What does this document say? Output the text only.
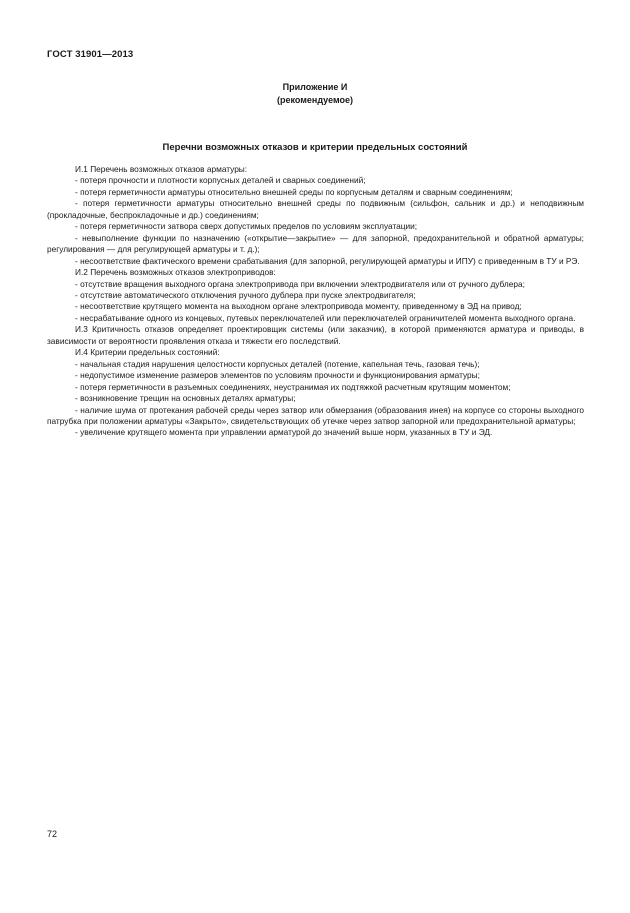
ГОСТ 31901—2013
Приложение И
(рекомендуемое)
Перечни возможных отказов и критерии предельных состояний

И.1 Перечень возможных отказов арматуры:

- потеря прочности и плотности корпусных деталей и сварных соединений;

- потеря герметичности арматуры относительно внешней среды по корпусным деталям и сварным соединениям;

- потеря герметичности арматуры относительно внешней среды по подвижным (сильфон, сальник и др.) и неподвижным (прокладочные, беспрокладочные и др.) соединениям;

- потеря герметичности затвора сверх допустимых пределов по условиям эксплуатации;

- невыполнение функции по назначению («открытие—закрытие» — для запорной, предохранительной и обратной арматуры; регулирования — для регулирующей арматуры и т. д.);

- несоответствие фактического времени срабатывания (для запорной, регулирующей арматуры и ИПУ) с приведенным в ТУ и РЭ.

И.2 Перечень возможных отказов электроприводов:

- отсутствие вращения выходного органа электропривода при включении электродвигателя или от ручного дублера;

- отсутствие автоматического отключения ручного дублера при пуске электродвигателя;

- несоответствие крутящего момента на выходном органе электропривода моменту, приведенному в ЭД на привод;

- несрабатывание одного из концевых, путевых переключателей или переключателей ограничителей момента выходного органа.

И.3 Критичность отказов определяет проектировщик системы (или заказчик), в которой применяются арматура и приводы, в зависимости от вероятности проявления отказа и тяжести его последствий.

И.4 Критерии предельных состояний:

- начальная стадия нарушения целостности корпусных деталей (потение, капельная течь, газовая течь);

- недопустимое изменение размеров элементов по условиям прочности и функционирования арматуры;

- потеря герметичности в разъемных соединениях, неустранимая их подтяжкой расчетным крутящим моментом;

- возникновение трещин на основных деталях арматуры;

- наличие шума от протекания рабочей среды через затвор или обмерзания (образования инея) на корпусе со стороны выходного патрубка при положении арматуры «Закрыто», свидетельствующих об утечке через затвор запорной или предохранительной арматуры;

- увеличение крутящего момента при управлении арматурой до значений выше норм, указанных в ТУ и ЭД.

72
